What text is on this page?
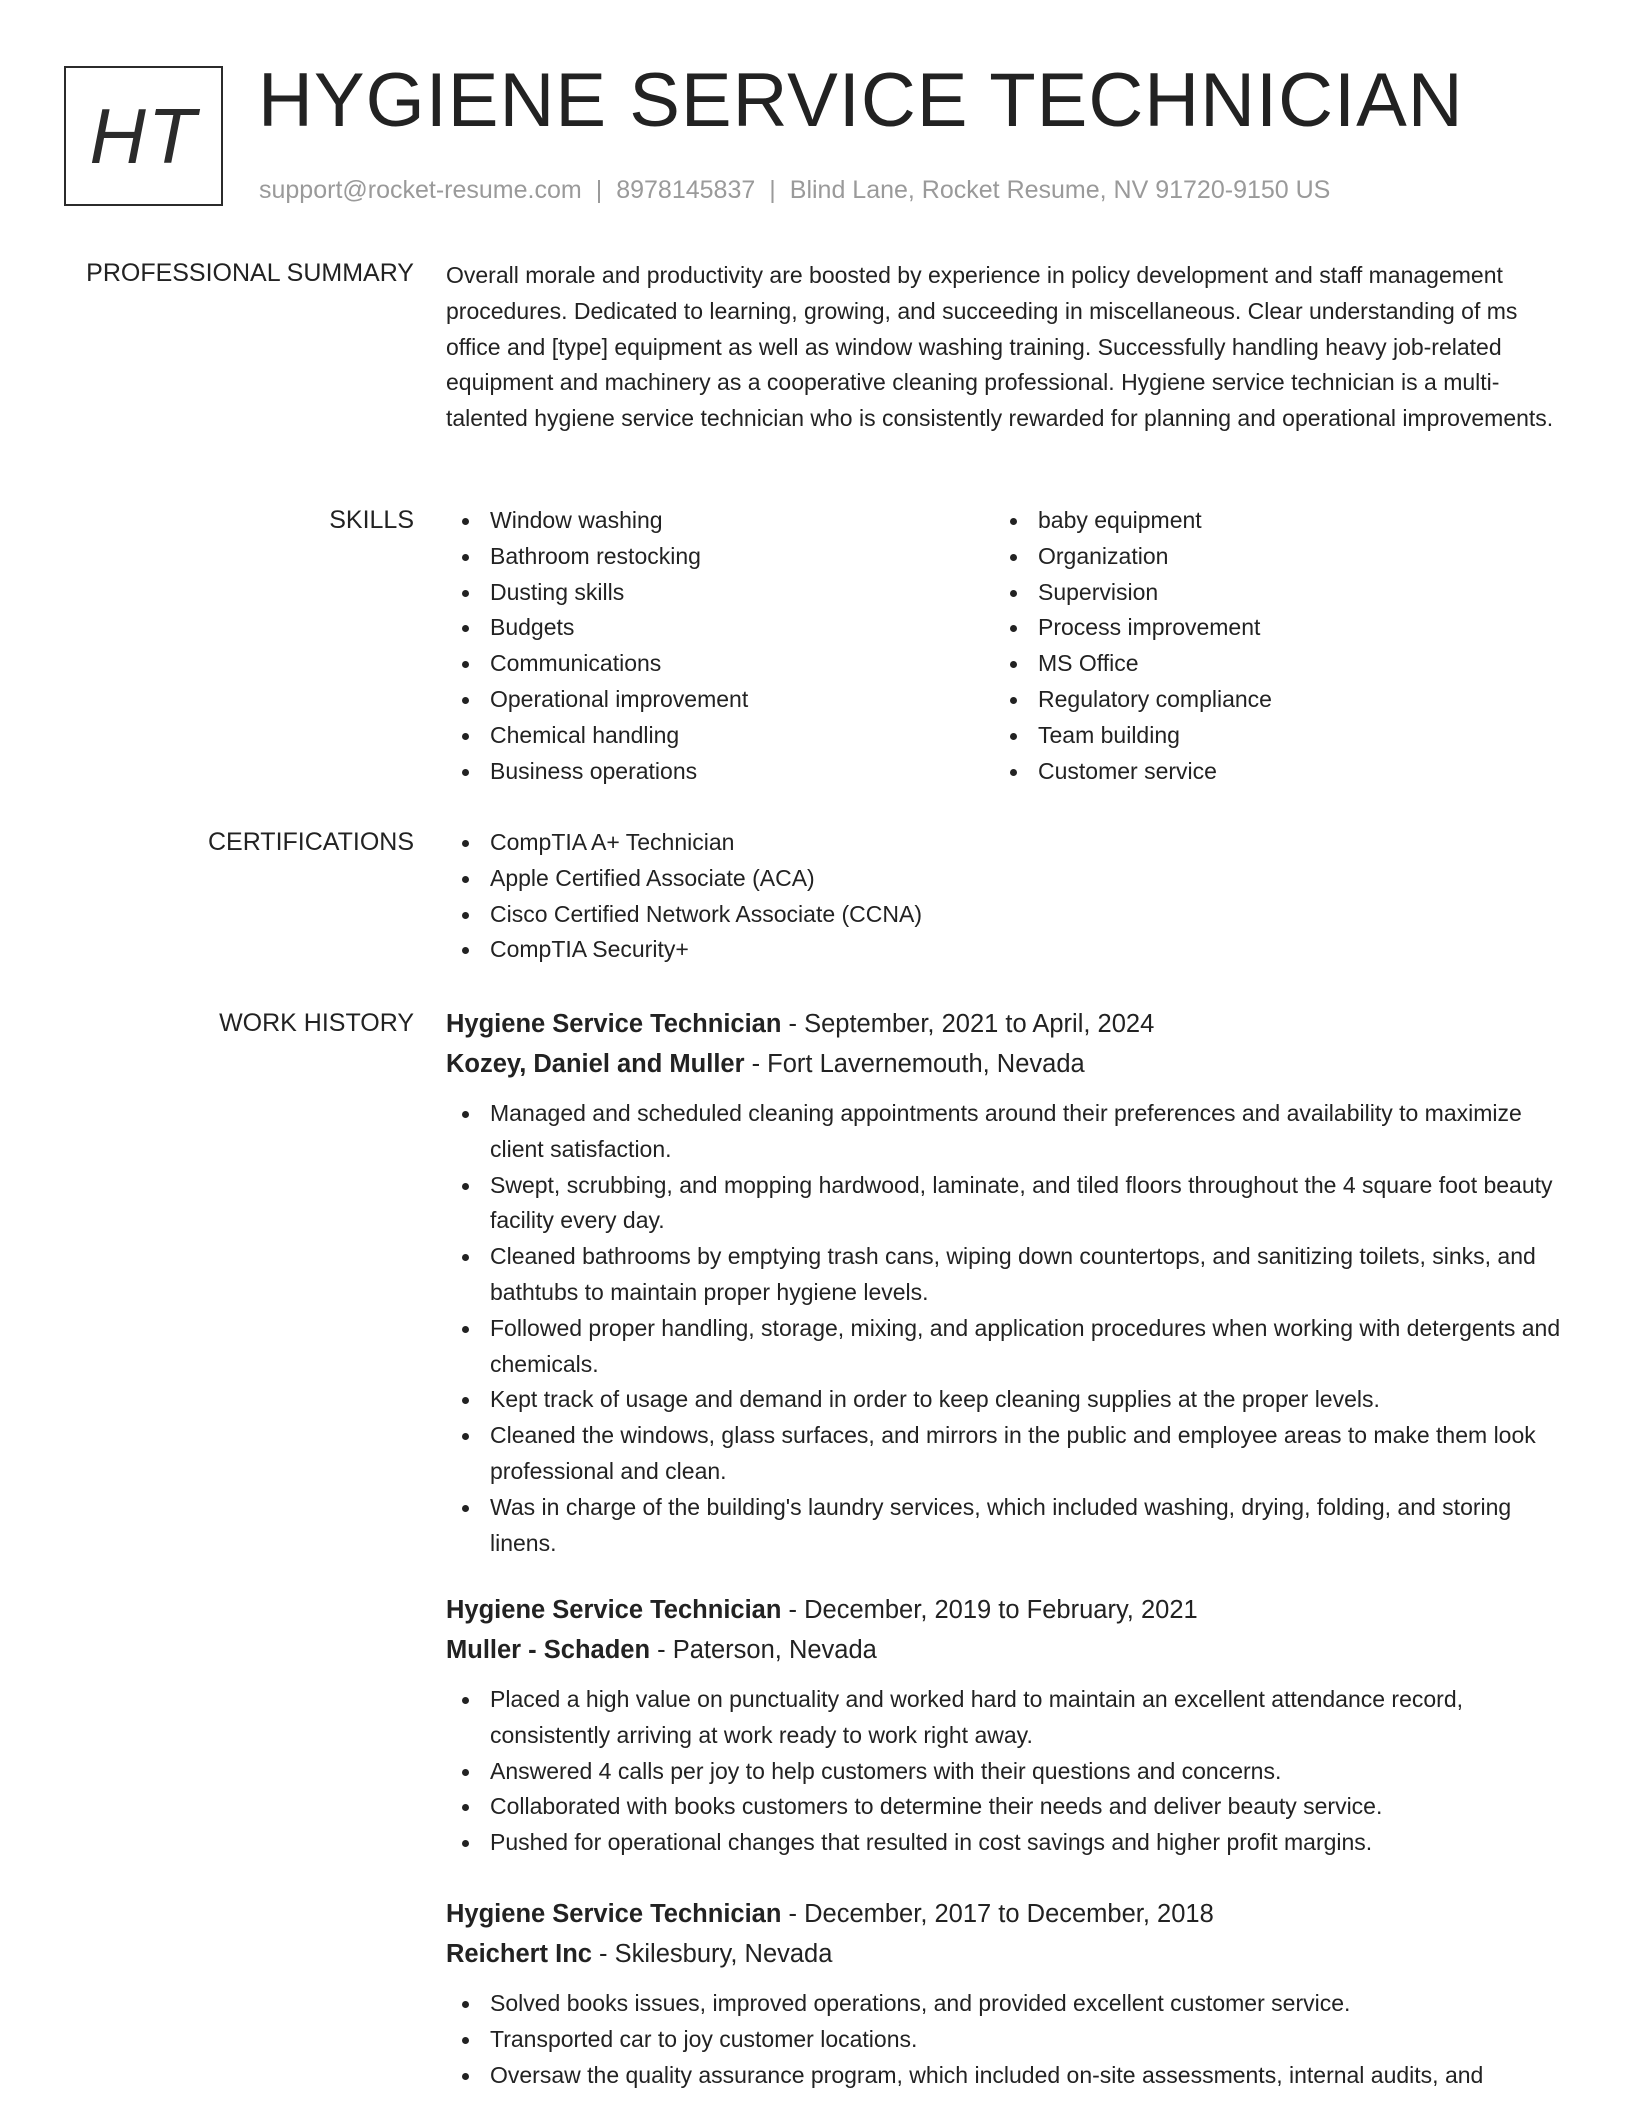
HT HYGIENE SERVICE TECHNICIAN
support@rocket-resume.com | 8978145837 | Blind Lane, Rocket Resume, NV 91720-9150 US
PROFESSIONAL SUMMARY Overall morale and productivity are boosted by experience in policy development and staff management procedures. Dedicated to learning, growing, and succeeding in miscellaneous. Clear understanding of ms office and [type] equipment as well as window washing training. Successfully handling heavy job-related equipment and machinery as a cooperative cleaning professional. Hygiene service technician is a multi-talented hygiene service technician who is consistently rewarded for planning and operational improvements.

SKILLS	Window washing
Bathroom restocking
Dusting skills
Budgets
Communications
Operational improvement
Chemical handling
Business operations
baby equipment
Organization
Supervision
Process improvement
MS Office
Regulatory compliance
Team building
Customer service
CERTIFICATIONS	CompTIA A+ Technician
Apple Certified Associate (ACA)
Cisco Certified Network Associate (CCNA)
CompTIA Security+
WORK HISTORY Hygiene Service Technician - September, 2021 to April, 2024
Kozey, Daniel and Muller - Fort Lavernemouth, Nevada
Managed and scheduled cleaning appointments around their preferences and availability to maximize client satisfaction.
Swept, scrubbing, and mopping hardwood, laminate, and tiled floors throughout the 4 square foot beauty facility every day.
Cleaned bathrooms by emptying trash cans, wiping down countertops, and sanitizing toilets, sinks, and bathtubs to maintain proper hygiene levels.
Followed proper handling, storage, mixing, and application procedures when working with detergents and chemicals.
Kept track of usage and demand in order to keep cleaning supplies at the proper levels.
Cleaned the windows, glass surfaces, and mirrors in the public and employee areas to make them look professional and clean.
Was in charge of the building's laundry services, which included washing, drying, folding, and storing linens.
Hygiene Service Technician - December, 2019 to February, 2021
Muller - Schaden - Paterson, Nevada
Placed a high value on punctuality and worked hard to maintain an excellent attendance record, consistently arriving at work ready to work right away.
Answered 4 calls per joy to help customers with their questions and concerns.
Collaborated with books customers to determine their needs and deliver beauty service.
Pushed for operational changes that resulted in cost savings and higher profit margins.
Hygiene Service Technician - December, 2017 to December, 2018
Reichert Inc - Skilesbury, Nevada
Solved books issues, improved operations, and provided excellent customer service.
Transported car to joy customer locations.
Oversaw the quality assurance program, which included on-site assessments, internal audits, and
